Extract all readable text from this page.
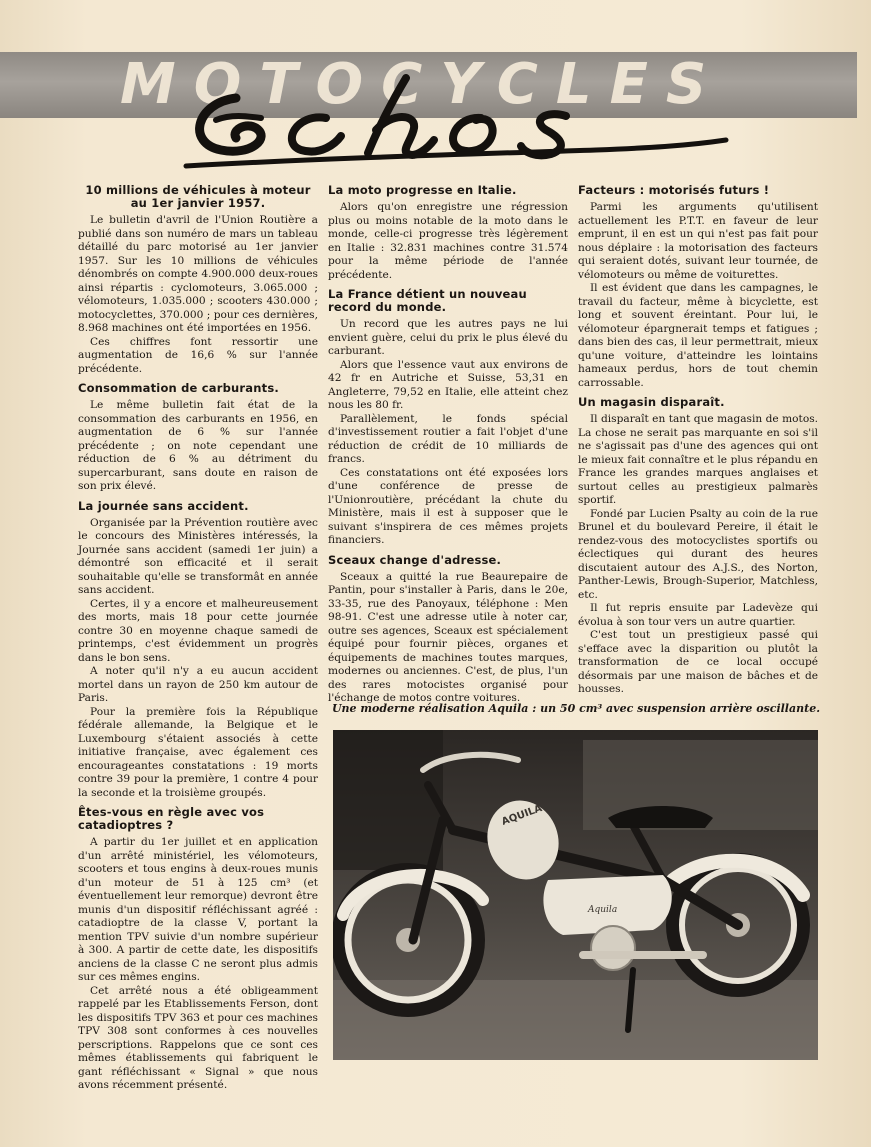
MOTOCYCLES
10 millions de véhicules à moteur au 1er janvier 1957.

Le bulletin d'avril de l'Union Routière a publié dans son numéro de mars un tableau détaillé du parc motorisé au 1er janvier 1957. Sur les 10 millions de véhicules dénombrés on compte 4.900.000 deux-roues ainsi répartis : cyclomoteurs, 3.065.000 ; vélomoteurs, 1.035.000 ; scooters 430.000 ; motocyclettes, 370.000 ; pour ces dernières, 8.968 machines ont été importées en 1956.

Ces chiffres font ressortir une augmentation de 16,6 % sur l'année précédente.

Consommation de carburants.

Le même bulletin fait état de la consommation des carburants en 1956, en augmentation de 6 % sur l'année précédente ; on note cependant une réduction de 6 % au détriment du supercarburant, sans doute en raison de son prix élevé.

La journée sans accident.

Organisée par la Prévention routière avec le concours des Ministères intéressés, la Journée sans accident (samedi 1er juin) a démontré son efficacité et il serait souhaitable qu'elle se transformât en année sans accident.

Certes, il y a encore et malheureusement des morts, mais 18 pour cette journée contre 30 en moyenne chaque samedi de printemps, c'est évidemment un progrès dans le bon sens.

A noter qu'il n'y a eu aucun accident mortel dans un rayon de 250 km autour de Paris.

Pour la première fois la République fédérale allemande, la Belgique et le Luxembourg s'étaient associés à cette initiative française, avec également ces encourageantes constatations : 19 morts contre 39 pour la première, 1 contre 4 pour la seconde et la troisième groupés.

Êtes-vous en règle avec vos catadioptres ?

A partir du 1er juillet et en application d'un arrêté ministériel, les vélomoteurs, scooters et tous engins à deux-roues munis d'un moteur de 51 à 125 cm³ (et éventuellement leur remorque) devront être munis d'un dispositif réfléchissant agréé : catadioptre de la classe V, portant la mention TPV suivie d'un nombre supérieur à 300. A partir de cette date, les dispositifs anciens de la classe C ne seront plus admis sur ces mêmes engins.

Cet arrêté nous a été obligeamment rappelé par les Etablissements Ferson, dont les dispositifs TPV 363 et pour ces machines TPV 308 sont conformes à ces nouvelles perscriptions. Rappelons que ce sont ces mêmes établissements qui fabriquent le gant réfléchissant « Signal » que nous avons récemment présenté.

La moto progresse en Italie.

Alors qu'on enregistre une régression plus ou moins notable de la moto dans le monde, celle-ci progresse très légèrement en Italie : 32.831 machines contre 31.574 pour la même période de l'année précédente.

La France détient un nouveau record du monde.

Un record que les autres pays ne lui envient guère, celui du prix le plus élevé du carburant.

Alors que l'essence vaut aux environs de 42 fr en Autriche et Suisse, 53,31 en Angleterre, 79,52 en Italie, elle atteint chez nous les 80 fr.

Parallèlement, le fonds spécial d'investissement routier a fait l'objet d'une réduction de crédit de 10 milliards de francs.

Ces constatations ont été exposées lors d'une conférence de presse de l'Unionroutière, précédant la chute du Ministère, mais il est à supposer que le suivant s'inspirera de ces mêmes projets financiers.

Sceaux change d'adresse.

Sceaux a quitté la rue Beaurepaire de Pantin, pour s'installer à Paris, dans le 20e, 33-35, rue des Panoyaux, téléphone : Men 98-91. C'est une adresse utile à noter car, outre ses agences, Sceaux est spécialement équipé pour fournir pièces, organes et équipements de machines toutes marques, modernes ou anciennes. C'est, de plus, l'un des rares motocistes organisé pour l'échange de motos contre voitures.

Facteurs : motorisés futurs !

Parmi les arguments qu'utilisent actuellement les P.T.T. en faveur de leur emprunt, il en est un qui n'est pas fait pour nous déplaire : la motorisation des facteurs qui seraient dotés, suivant leur tournée, de vélomoteurs ou même de voiturettes.

Il est évident que dans les campagnes, le travail du facteur, même à bicyclette, est long et souvent éreintant. Pour lui, le vélomoteur épargnerait temps et fatigues ; dans bien des cas, il leur permettrait, mieux qu'une voiture, d'atteindre les lointains hameaux perdus, hors de tout chemin carrossable.

Un magasin disparaît.

Il disparaît en tant que magasin de motos. La chose ne serait pas marquante en soi s'il ne s'agissait pas d'une des agences qui ont le mieux fait connaître et le plus répandu en France les grandes marques anglaises et surtout celles au prestigieux palmarès sportif.

Fondé par Lucien Psalty au coin de la rue Brunel et du boulevard Pereire, il était le rendez-vous des motocyclistes sportifs ou éclectiques qui durant des heures discutaient autour des A.J.S., des Norton, Panther-Lewis, Brough-Superior, Matchless, etc.

Il fut repris ensuite par Ladevèze qui évolua à son tour vers un autre quartier.

C'est tout un prestigieux passé qui s'efface avec la disparition ou plutôt la transformation de ce local occupé désormais par une maison de bâches et de housses.

Une moderne réalisation Aquila : un 50 cm³ avec suspension arrière oscillante.
AQUILA
Aquila
